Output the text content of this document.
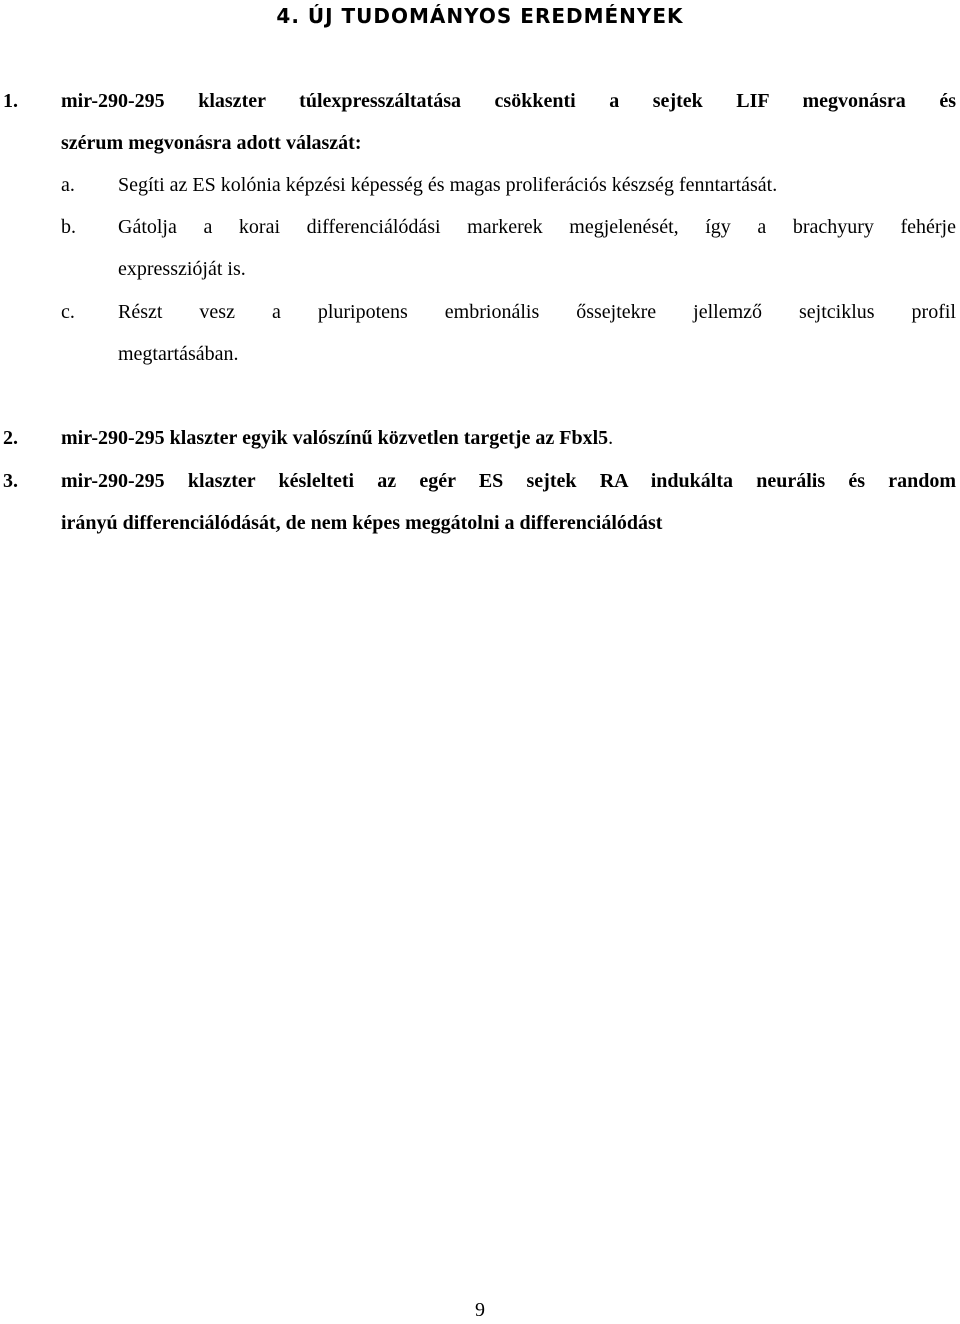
4. ÚJ TUDOMÁNYOS EREDMÉNYEK
1. mir-290-295 klaszter túlexpresszáltatása csökkenti a sejtek LIF megvonásra és
szérum megvonásra adott válaszát:
a. Segíti az ES kolónia képzési képesség és magas proliferációs készség fenntartását.
b. Gátolja a korai differenciálódási markerek megjelenését, így a brachyury fehérje
expresszióját is.
c. Részt vesz a pluripotens embrionális őssejtekre jellemző sejtciklus profil
megtartásában.
2. mir-290-295 klaszter egyik valószínű közvetlen targetje az Fbxl5.
3. mir-290-295 klaszter késlelteti az egér ES sejtek RA indukálta neurális és random
irányú differenciálódását, de nem képes meggátolni a differenciálódást
9
